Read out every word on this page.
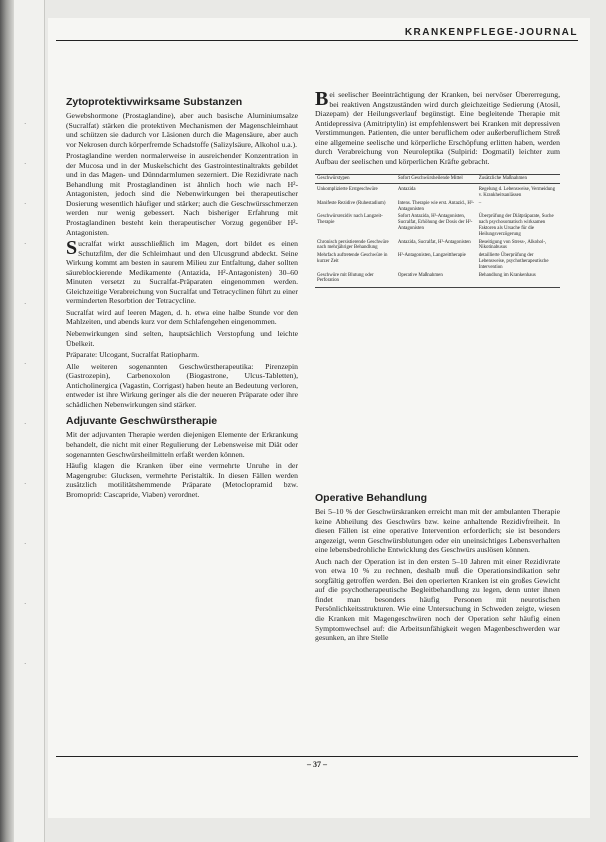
·
·
·
·
·
·
·
·
·
·
·
KRANKENPFLEGE-JOURNAL
Zytoprotektivwirksame Substanzen

Gewebshormone (Prostaglandine), aber auch basische Aluminiumsalze (Sucralfat) stärken die protektiven Mechanismen der Magenschleimhaut und schützen sie dadurch vor Läsionen durch die Magensäure, aber auch vor Nekrosen durch körperfremde Schadstoffe (Salizylsäure, Alkohol u.a.).

Prostaglandine werden normalerweise in ausreichender Konzentration in der Mucosa und in der Muskelschicht des Gastrointestinaltrakts gebildet und in das Magen- und Dünndarmlumen sezerniert. Die Rezidivrate nach Behandlung mit Prostaglandinen ist ähnlich hoch wie nach H²-Antagonisten, jedoch sind die Nebenwirkungen bei therapeutischer Dosierung wesentlich häufiger und stärker; auch die Geschwürsschmerzen werden nur wenig gebessert. Nach bisheriger Erfahrung mit Prostaglandinen besteht kein therapeutischer Vorzug gegenüber H²-Antagonisten.

Sucralfat wirkt ausschließlich im Magen, dort bildet es einen Schutzfilm, der die Schleimhaut und den Ulcusgrund abdeckt. Seine Wirkung kommt am besten in saurem Milieu zur Entfaltung, daher sollten säureblockierende Medikamente (Antazida, H²-Antagonisten) 30–60 Minuten versetzt zu Sucralfat-Präparaten eingenommen werden. Gleichzeitige Verabreichung von Sucralfat und Tetracyclinen führt zu einer verminderten Resorbtion der Tetracycline.

Sucralfat wird auf leeren Magen, d. h. etwa eine halbe Stunde vor den Mahlzeiten, und abends kurz vor dem Schlafengehen eingenommen.

Nebenwirkungen sind selten, hauptsächlich Verstopfung und leichte Übelkeit.

Präparate: Ulcogant, Sucralfat Ratiopharm.

Alle weiteren sogenannten Geschwürstherapeutika: Pirenzepin (Gastrozepin), Carbenoxolon (Biogastrone, Ulcus-Tabletten), Anticholinergica (Vagastin, Corrigast) haben heute an Bedeutung verloren, entweder ist ihre Wirkung geringer als die der neueren Präparate oder ihre schädlichen Nebenwirkungen sind stärker.

Adjuvante Geschwürstherapie

Mit der adjuvanten Therapie werden diejenigen Elemente der Erkrankung behandelt, die nicht mit einer Regulierung der Lebensweise mit Diät oder sogenannten Geschwürsheilmitteln erfaßt werden können.

Häufig klagen die Kranken über eine vermehrte Unruhe in der Magengrube: Glucksen, vermehrte Peristaltik. In diesen Fällen werden zusätzlich motilitätshemmende Präparate (Metoclopramid bzw. Bromoprid: Cascapride, Viaben) verordnet.

Bei seelischer Beeinträchtigung der Kranken, bei nervöser Übererregung, bei reaktiven Angstzuständen wird durch gleichzeitige Sedierung (Atosil, Diazepam) der Heilungsverlauf begünstigt. Eine begleitende Therapie mit Antidepressiva (Amitriptylin) ist empfehlenswert bei Kranken mit depressiven Verstimmungen. Patienten, die unter beruflichem oder außerberuflichem Streß eine allgemeine seelische und körperliche Erschöpfung erlitten haben, werden durch Verabreichung von Neuroleptika (Sulpirid: Dogmatil) leichter zum Aufbau der seelischen und körperlichen Kräfte gebracht.

Geschwürstypen	Sofort Geschwürsheilende Mittel	Zusätzliche Maßnahmen
Unkomplizierte Erstgeschwüre	Antazida	Regelung d. Lebensweise, Vermeidung v. Krankheitsanlässen
Manifeste Rezidive (Ruhestadium)	Intens. Therapie wie erst. Antazid., H²-Antagonisten	–
Geschwürsrezidiv nach Langzeit-Therapie	Sofort Antazida, H²-Antagonisten, Sucralfat, Erhöhung der Dosis der H²-Antagonisten	Überprüfung der Diätpräparate, Suche nach psychosomatisch wirksamen Faktoren als Ursache für die Heilungsverzögerung
Chronisch persistierende Geschwüre nach mehrjähriger Behandlung	Antazida, Sucralfat, H²-Antagonisten	Beseitigung von Stress-, Alkohol-, Nikotinabusus
Mehrfach auftretende Geschwüre in kurzer Zeit	H²-Antagonisten, Langzeittherapie	detaillierte Überprüfung der Lebensweise, psychotherapeutische Intervention
Geschwüre mit Blutung oder Perforation	Operative Maßnahmen	Behandlung im Krankenhaus
Operative Behandlung

Bei 5–10 % der Geschwürskranken erreicht man mit der ambulanten Therapie keine Abheilung des Geschwürs bzw. keine anhaltende Rezidivfreiheit. In diesen Fällen ist eine operative Intervention erforderlich; sie ist besonders angezeigt, wenn Geschwürsblutungen oder ein uneinsichtiges Lebensverhalten eine lebensbedrohliche Entwicklung des Geschwürs auslösen können.

Auch nach der Operation ist in den ersten 5–10 Jahren mit einer Rezidivrate von etwa 10 % zu rechnen, deshalb muß die Operationsindikation sehr sorgfältig getroffen werden. Bei den operierten Kranken ist ein großes Gewicht auf die psychotherapeutische Begleitbehandlung zu legen, denn unter ihnen findet man besonders häufig Personen mit neurotischen Persönlichkeitsstrukturen. Wie eine Untersuchung in Schweden zeigte, wiesen die Kranken mit Magengeschwüren noch der Operation sehr häufig einen Symptomwechsel auf: die Arbeitsunfähigkeit wegen Magenbeschwerden war gesunken, an ihre Stelle

– 37 –
